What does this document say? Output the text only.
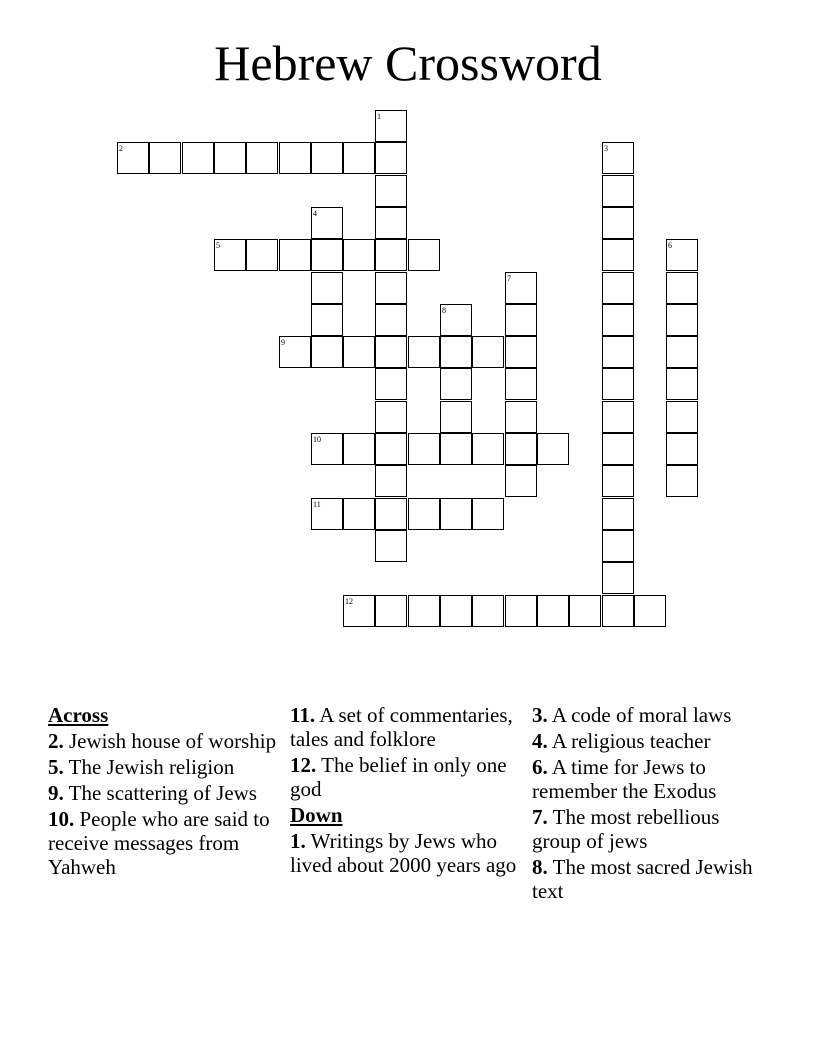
Hebrew Crossword
1
2	3
4
5	6
7
8
9
10
11
12
Across
2. Jewish house of worship
5. The Jewish religion
9. The scattering of Jews
10. People who are said to receive messages from Yahweh
11. A set of commentaries, tales and folklore
12. The belief in only one god
Down
1. Writings by Jews who lived about 2000 years ago
3. A code of moral laws
4. A religious teacher
6. A time for Jews to remember the Exodus
7. The most rebellious group of jews
8. The most sacred Jewish text
